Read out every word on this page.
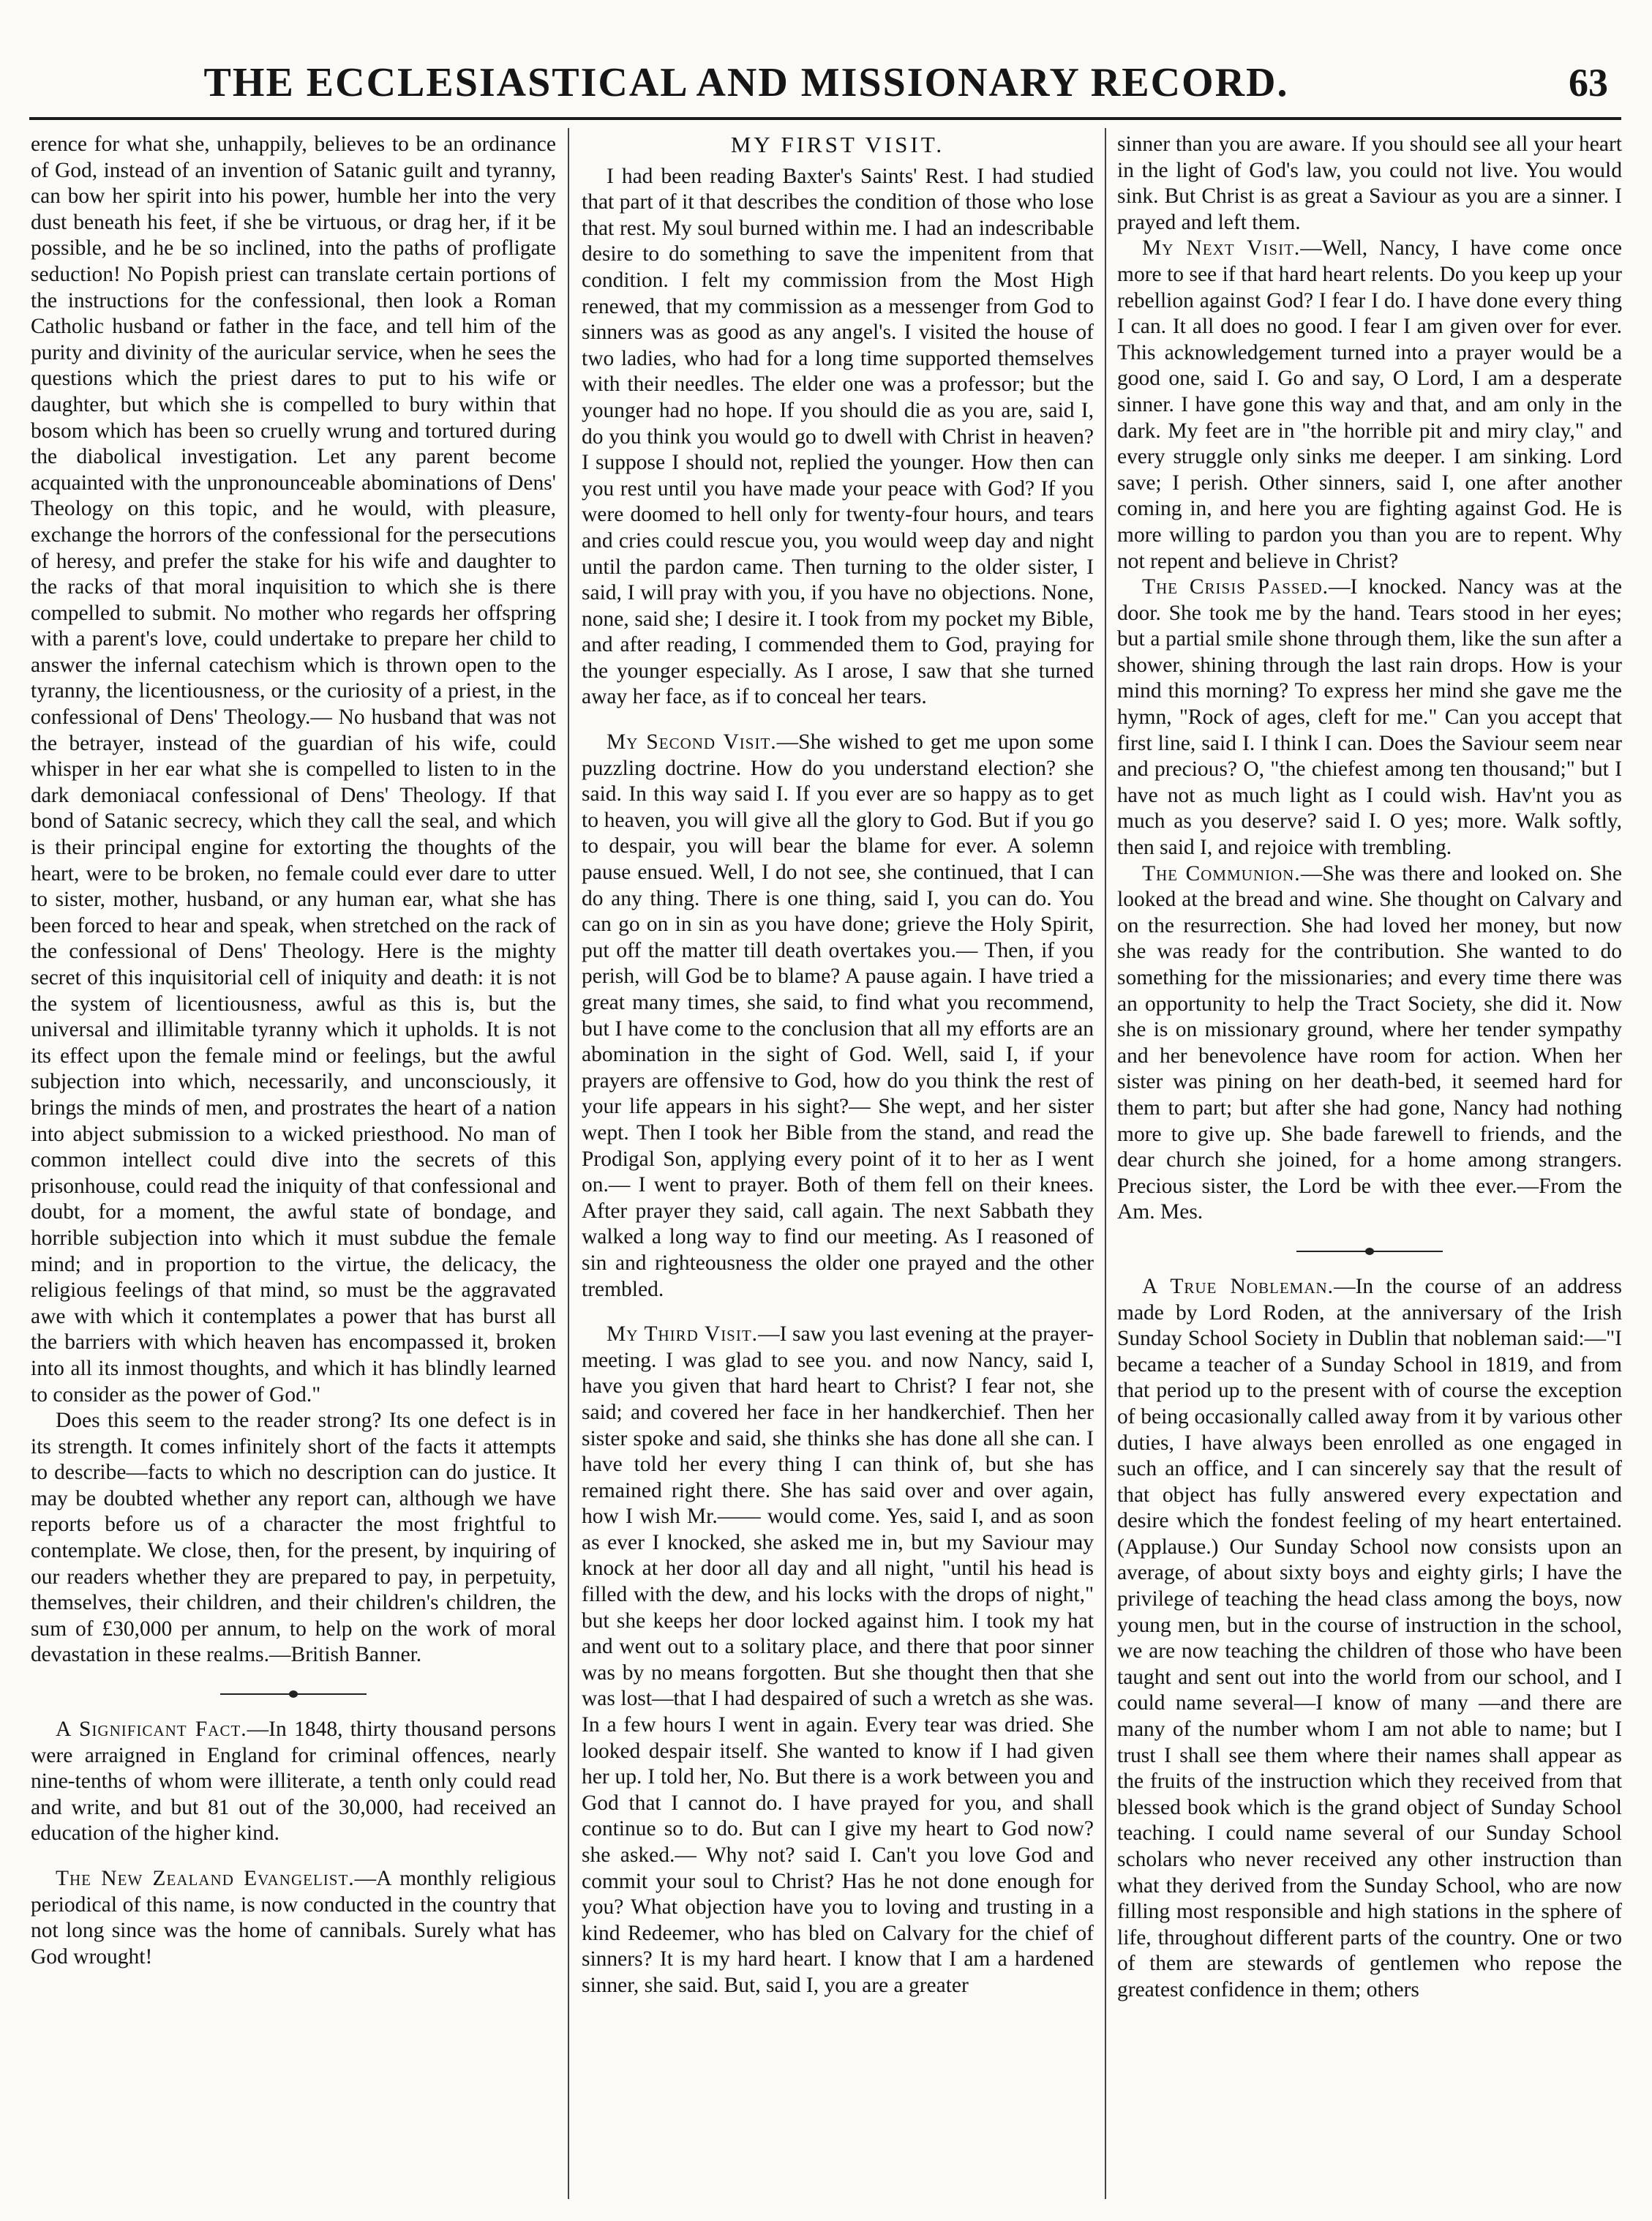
THE ECCLESIASTICAL AND MISSIONARY RECORD.	63

erence for what she, unhappily, believes to be an ordinance of God, instead of an invention of Satanic guilt and tyranny, can bow her spirit into his power, humble her into the very dust beneath his feet, if she be virtuous, or drag her, if it be possible, and he be so inclined, into the paths of profligate seduction! No Popish priest can translate certain portions of the instructions for the confessional, then look a Roman Catholic husband or father in the face, and tell him of the purity and divinity of the auricular service, when he sees the questions which the priest dares to put to his wife or daughter, but which she is compelled to bury within that bosom which has been so cruelly wrung and tortured during the diabolical investigation. Let any parent become acquainted with the unpronounceable abominations of Dens' Theology on this topic, and he would, with pleasure, exchange the horrors of the confessional for the persecutions of heresy, and prefer the stake for his wife and daughter to the racks of that moral inquisition to which she is there compelled to submit. No mother who regards her offspring with a parent's love, could undertake to prepare her child to answer the infernal catechism which is thrown open to the tyranny, the licentiousness, or the curiosity of a priest, in the confessional of Dens' Theology.— No husband that was not the betrayer, instead of the guardian of his wife, could whisper in her ear what she is compelled to listen to in the dark demoniacal confessional of Dens' Theology. If that bond of Satanic secrecy, which they call the seal, and which is their principal engine for extorting the thoughts of the heart, were to be broken, no female could ever dare to utter to sister, mother, husband, or any human ear, what she has been forced to hear and speak, when stretched on the rack of the confessional of Dens' Theology. Here is the mighty secret of this inquisitorial cell of iniquity and death: it is not the system of licentiousness, awful as this is, but the universal and illimitable tyranny which it upholds. It is not its effect upon the female mind or feelings, but the awful subjection into which, necessarily, and unconsciously, it brings the minds of men, and prostrates the heart of a nation into abject submission to a wicked priesthood. No man of common intellect could dive into the secrets of this prisonhouse, could read the iniquity of that confessional and doubt, for a moment, the awful state of bondage, and horrible subjection into which it must subdue the female mind; and in proportion to the virtue, the delicacy, the religious feelings of that mind, so must be the aggravated awe with which it contemplates a power that has burst all the barriers with which heaven has encompassed it, broken into all its inmost thoughts, and which it has blindly learned to consider as the power of God."

Does this seem to the reader strong? Its one defect is in its strength. It comes infinitely short of the facts it attempts to describe—facts to which no description can do justice. It may be doubted whether any report can, although we have reports before us of a character the most frightful to contemplate. We close, then, for the present, by inquiring of our readers whether they are prepared to pay, in perpetuity, themselves, their children, and their children's children, the sum of £30,000 per annum, to help on the work of moral devastation in these realms.—British Banner.

A Significant Fact.—In 1848, thirty thousand persons were arraigned in England for criminal offences, nearly nine-tenths of whom were illiterate, a tenth only could read and write, and but 81 out of the 30,000, had received an education of the higher kind.

The New Zealand Evangelist.—A monthly religious periodical of this name, is now conducted in the country that not long since was the home of cannibals. Surely what has God wrought!

MY FIRST VISIT.

I had been reading Baxter's Saints' Rest. I had studied that part of it that describes the condition of those who lose that rest. My soul burned within me. I had an indescribable desire to do something to save the impenitent from that condition. I felt my commission from the Most High renewed, that my commission as a messenger from God to sinners was as good as any angel's. I visited the house of two ladies, who had for a long time supported themselves with their needles. The elder one was a professor; but the younger had no hope. If you should die as you are, said I, do you think you would go to dwell with Christ in heaven? I suppose I should not, replied the younger. How then can you rest until you have made your peace with God? If you were doomed to hell only for twenty-four hours, and tears and cries could rescue you, you would weep day and night until the pardon came. Then turning to the older sister, I said, I will pray with you, if you have no objections. None, none, said she; I desire it. I took from my pocket my Bible, and after reading, I commended them to God, praying for the younger especially. As I arose, I saw that she turned away her face, as if to conceal her tears.

My Second Visit.—She wished to get me upon some puzzling doctrine. How do you understand election? she said. In this way said I. If you ever are so happy as to get to heaven, you will give all the glory to God. But if you go to despair, you will bear the blame for ever. A solemn pause ensued. Well, I do not see, she continued, that I can do any thing. There is one thing, said I, you can do. You can go on in sin as you have done; grieve the Holy Spirit, put off the matter till death overtakes you.— Then, if you perish, will God be to blame? A pause again. I have tried a great many times, she said, to find what you recommend, but I have come to the conclusion that all my efforts are an abomination in the sight of God. Well, said I, if your prayers are offensive to God, how do you think the rest of your life appears in his sight?— She wept, and her sister wept. Then I took her Bible from the stand, and read the Prodigal Son, applying every point of it to her as I went on.— I went to prayer. Both of them fell on their knees. After prayer they said, call again. The next Sabbath they walked a long way to find our meeting. As I reasoned of sin and righteousness the older one prayed and the other trembled.

My Third Visit.—I saw you last evening at the prayer-meeting. I was glad to see you. and now Nancy, said I, have you given that hard heart to Christ? I fear not, she said; and covered her face in her handkerchief. Then her sister spoke and said, she thinks she has done all she can. I have told her every thing I can think of, but she has remained right there. She has said over and over again, how I wish Mr.—— would come. Yes, said I, and as soon as ever I knocked, she asked me in, but my Saviour may knock at her door all day and all night, "until his head is filled with the dew, and his locks with the drops of night," but she keeps her door locked against him. I took my hat and went out to a solitary place, and there that poor sinner was by no means forgotten. But she thought then that she was lost—that I had despaired of such a wretch as she was. In a few hours I went in again. Every tear was dried. She looked despair itself. She wanted to know if I had given her up. I told her, No. But there is a work between you and God that I cannot do. I have prayed for you, and shall continue so to do. But can I give my heart to God now? she asked.— Why not? said I. Can't you love God and commit your soul to Christ? Has he not done enough for you? What objection have you to loving and trusting in a kind Redeemer, who has bled on Calvary for the chief of sinners? It is my hard heart. I know that I am a hardened sinner, she said. But, said I, you are a greater

sinner than you are aware. If you should see all your heart in the light of God's law, you could not live. You would sink. But Christ is as great a Saviour as you are a sinner. I prayed and left them.

My Next Visit.—Well, Nancy, I have come once more to see if that hard heart relents. Do you keep up your rebellion against God? I fear I do. I have done every thing I can. It all does no good. I fear I am given over for ever. This acknowledgement turned into a prayer would be a good one, said I. Go and say, O Lord, I am a desperate sinner. I have gone this way and that, and am only in the dark. My feet are in "the horrible pit and miry clay," and every struggle only sinks me deeper. I am sinking. Lord save; I perish. Other sinners, said I, one after another coming in, and here you are fighting against God. He is more willing to pardon you than you are to repent. Why not repent and believe in Christ?

The Crisis Passed.—I knocked. Nancy was at the door. She took me by the hand. Tears stood in her eyes; but a partial smile shone through them, like the sun after a shower, shining through the last rain drops. How is your mind this morning? To express her mind she gave me the hymn, "Rock of ages, cleft for me." Can you accept that first line, said I. I think I can. Does the Saviour seem near and precious? O, "the chiefest among ten thousand;" but I have not as much light as I could wish. Hav'nt you as much as you deserve? said I. O yes; more. Walk softly, then said I, and rejoice with trembling.

The Communion.—She was there and looked on. She looked at the bread and wine. She thought on Calvary and on the resurrection. She had loved her money, but now she was ready for the contribution. She wanted to do something for the missionaries; and every time there was an opportunity to help the Tract Society, she did it. Now she is on missionary ground, where her tender sympathy and her benevolence have room for action. When her sister was pining on her death-bed, it seemed hard for them to part; but after she had gone, Nancy had nothing more to give up. She bade farewell to friends, and the dear church she joined, for a home among strangers. Precious sister, the Lord be with thee ever.—From the Am. Mes.

A True Nobleman.—In the course of an address made by Lord Roden, at the anniversary of the Irish Sunday School Society in Dublin that nobleman said:—"I became a teacher of a Sunday School in 1819, and from that period up to the present with of course the exception of being occasionally called away from it by various other duties, I have always been enrolled as one engaged in such an office, and I can sincerely say that the result of that object has fully answered every expectation and desire which the fondest feeling of my heart entertained. (Applause.) Our Sunday School now consists upon an average, of about sixty boys and eighty girls; I have the privilege of teaching the head class among the boys, now young men, but in the course of instruction in the school, we are now teaching the children of those who have been taught and sent out into the world from our school, and I could name several—I know of many —and there are many of the number whom I am not able to name; but I trust I shall see them where their names shall appear as the fruits of the instruction which they received from that blessed book which is the grand object of Sunday School teaching. I could name several of our Sunday School scholars who never received any other instruction than what they derived from the Sunday School, who are now filling most responsible and high stations in the sphere of life, throughout different parts of the country. One or two of them are stewards of gentlemen who repose the greatest confidence in them; others
